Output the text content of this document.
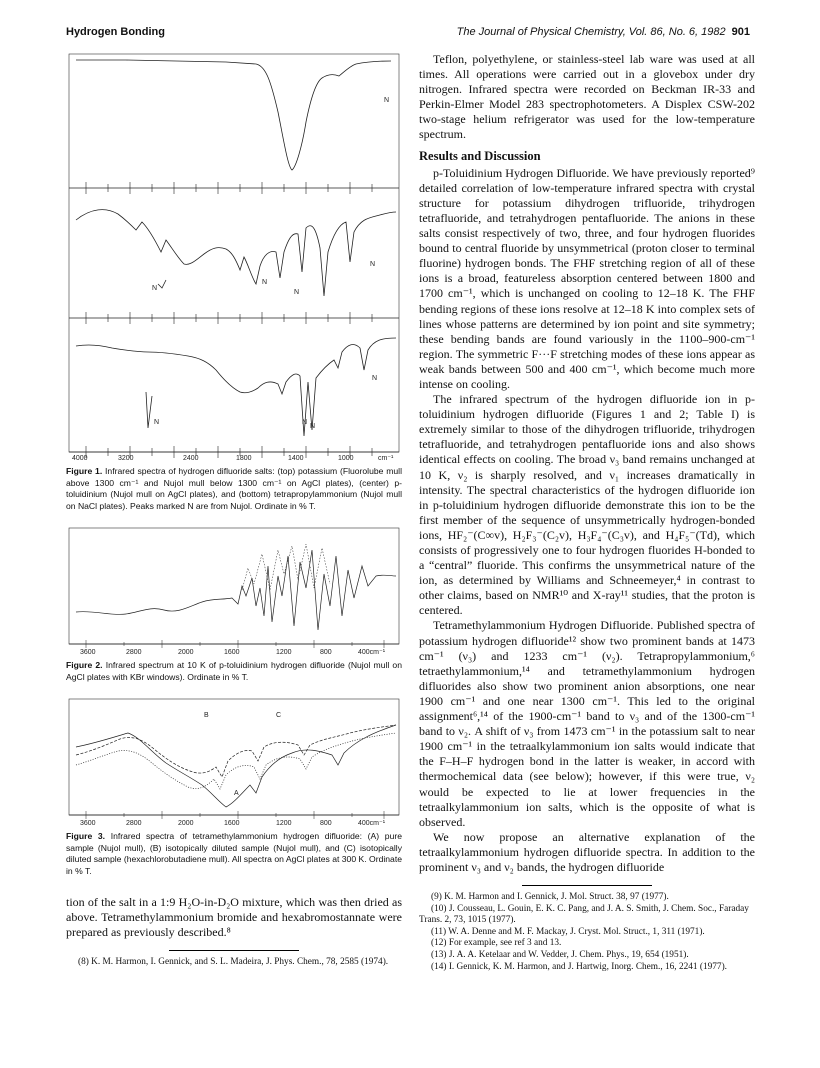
Hydrogen Bonding	The Journal of Physical Chemistry, Vol. 86, No. 6, 1982 901
N
N
N
N
N
N
N
N
N
4000	3200	2400	1800	1400	1000	cm⁻¹
Figure 1. Infrared spectra of hydrogen difluoride salts: (top) potassium (Fluorolube mull above 1300 cm⁻¹ and Nujol mull below 1300 cm⁻¹ on AgCl plates), (center) p-toluidinium (Nujol mull on AgCl plates), and (bottom) tetrapropylammonium (Nujol mull on NaCl plates). Peaks marked N are from Nujol. Ordinate in % T.
3600	2800	2000	1600	1200	800	400cm⁻¹
Figure 2. Infrared spectrum at 10 K of p-toluidinium hydrogen difluoride (Nujol mull on AgCl plates with KBr windows). Ordinate in % T.
A
B	C
3600	2800	2000	1600	1200	800	400cm⁻¹
Figure 3. Infrared spectra of tetramethylammonium hydrogen difluoride: (A) pure sample (Nujol mull), (B) isotopically diluted sample (Nujol mull), and (C) isotopically diluted sample (hexachlorobutadiene mull). All spectra on AgCl plates at 300 K. Ordinate in % T.

tion of the salt in a 1:9 H₂O-in-D₂O mixture, which was then dried as above. Tetramethylammonium bromide and hexabromostannate were prepared as previously described.⁸

(8) K. M. Harmon, I. Gennick, and S. L. Madeira, J. Phys. Chem., 78, 2585 (1974).

Teflon, polyethylene, or stainless-steel lab ware was used at all times. All operations were carried out in a glovebox under dry nitrogen. Infrared spectra were recorded on Beckman IR-33 and Perkin-Elmer Model 283 spectrophotometers. A Displex CSW-202 two-stage helium refrigerator was used for the low-temperature spectrum.

Results and Discussion

p-Toluidinium Hydrogen Difluoride. We have previously reported⁹ detailed correlation of low-temperature infrared spectra with crystal structure for potassium dihydrogen trifluoride, trihydrogen tetrafluoride, and tetrahydrogen pentafluoride. The anions in these salts consist respectively of two, three, and four hydrogen fluorides bound to central fluoride by unsymmetrical (proton closer to terminal fluorine) hydrogen bonds. The FHF stretching region of all of these ions is a broad, featureless absorption centered between 1800 and 1700 cm⁻¹, which is unchanged on cooling to 12–18 K. The FHF bending regions of these ions resolve at 12–18 K into complex sets of lines whose patterns are determined by ion point and site symmetry; these bending bands are found variously in the 1100–900-cm⁻¹ region. The symmetric F···F stretching modes of these ions appear as weak bands between 500 and 400 cm⁻¹, which become much more intense on cooling.

The infrared spectrum of the hydrogen difluoride ion in p-toluidinium hydrogen difluoride (Figures 1 and 2; Table I) is extremely similar to those of the dihydrogen trifluoride, trihydrogen tetrafluoride, and tetrahydrogen pentafluoride ions and also shows identical effects on cooling. The broad ν₃ band remains unchanged at 10 K, ν₂ is sharply resolved, and ν₁ increases dramatically in intensity. The spectral characteristics of the hydrogen difluoride ion in p-toluidinium hydrogen difluoride demonstrate this ion to be the first member of the sequence of unsymmetrically hydrogen-bonded ions, HF₂⁻(C∞v), H₂F₃⁻(C₂v), H₃F₄⁻(C₃v), and H₄F₅⁻(Td), which consists of progressively one to four hydrogen fluorides H-bonded to a “central” fluoride. This confirms the unsymmetrical nature of the ion, as determined by Williams and Schneemeyer,⁴ in contrast to other claims, based on NMR¹⁰ and X-ray¹¹ studies, that the proton is centered.

Tetramethylammonium Hydrogen Difluoride. Published spectra of potassium hydrogen difluoride¹² show two prominent bands at 1473 cm⁻¹ (ν₃) and 1233 cm⁻¹ (ν₂). Tetrapropylammonium,⁶ tetraethylammonium,¹⁴ and tetramethylammonium hydrogen difluorides also show two prominent anion absorptions, one near 1900 cm⁻¹ and one near 1300 cm⁻¹. This led to the original assignment⁶,¹⁴ of the 1900-cm⁻¹ band to ν₃ and of the 1300-cm⁻¹ band to ν₂. A shift of ν₃ from 1473 cm⁻¹ in the potassium salt to near 1900 cm⁻¹ in the tetraalkylammonium ion salts would indicate that the F–H–F hydrogen bond in the latter is weaker, in accord with thermochemical data (see below); however, if this were true, ν₂ would be expected to lie at lower frequencies in the tetraalkylammonium ion salts, which is the opposite of what is observed.

We now propose an alternative explanation of the tetraalkylammonium hydrogen difluoride spectra. In addition to the prominent ν₃ and ν₂ bands, the hydrogen difluoride

(9) K. M. Harmon and I. Gennick, J. Mol. Struct. 38, 97 (1977).
(10) J. Cousseau, L. Gouin, E. K. C. Pang, and J. A. S. Smith, J. Chem. Soc., Faraday Trans. 2, 73, 1015 (1977).
(11) W. A. Denne and M. F. Mackay, J. Cryst. Mol. Struct., 1, 311 (1971).
(12) For example, see ref 3 and 13.
(13) J. A. A. Ketelaar and W. Vedder, J. Chem. Phys., 19, 654 (1951).
(14) I. Gennick, K. M. Harmon, and J. Hartwig, Inorg. Chem., 16, 2241 (1977).
